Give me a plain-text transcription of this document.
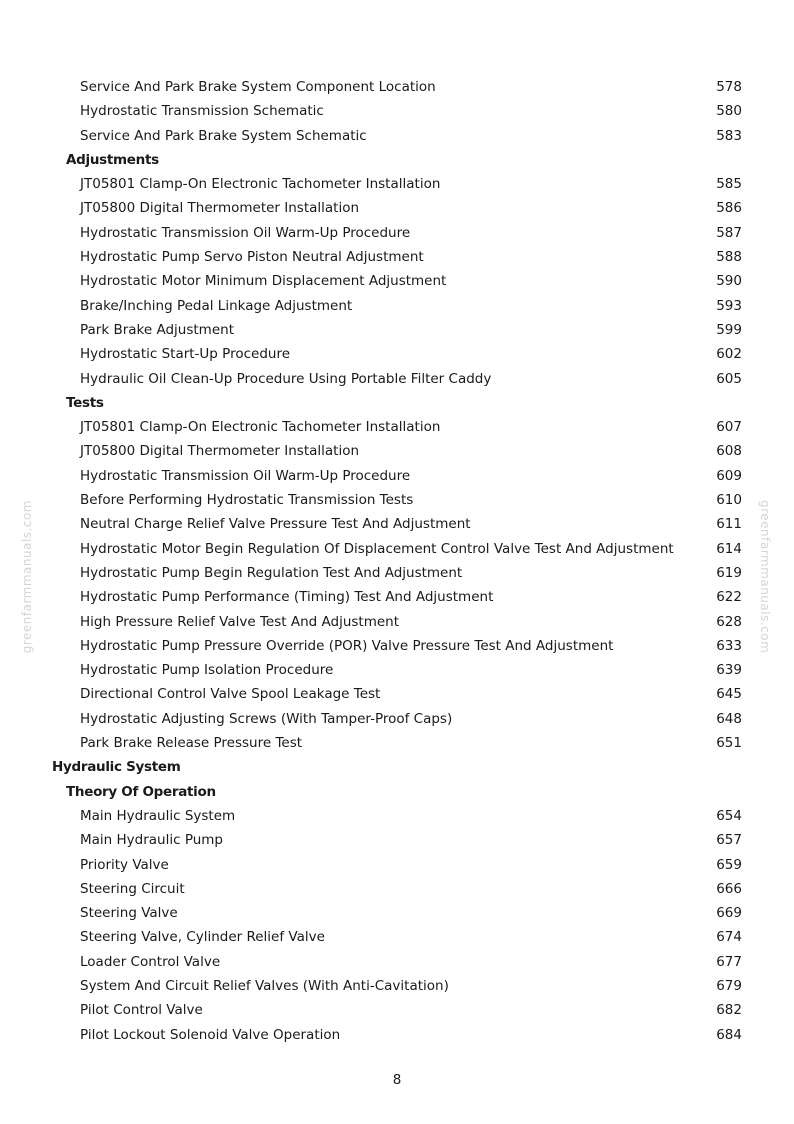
greenfarmmanuals.com	greenfarmmanuals.com
Service And Park Brake System Component Location	578
Hydrostatic Transmission Schematic	580
Service And Park Brake System Schematic	583
Adjustments
JT05801 Clamp-On Electronic Tachometer Installation	585
JT05800 Digital Thermometer Installation	586
Hydrostatic Transmission Oil Warm-Up Procedure	587
Hydrostatic Pump Servo Piston Neutral Adjustment	588
Hydrostatic Motor Minimum Displacement Adjustment	590
Brake/Inching Pedal Linkage Adjustment	593
Park Brake Adjustment	599
Hydrostatic Start-Up Procedure	602
Hydraulic Oil Clean-Up Procedure Using Portable Filter Caddy	605
Tests
JT05801 Clamp-On Electronic Tachometer Installation	607
JT05800 Digital Thermometer Installation	608
Hydrostatic Transmission Oil Warm-Up Procedure	609
Before Performing Hydrostatic Transmission Tests	610
Neutral Charge Relief Valve Pressure Test And Adjustment	611
Hydrostatic Motor Begin Regulation Of Displacement Control Valve Test And Adjustment	614
Hydrostatic Pump Begin Regulation Test And Adjustment	619
Hydrostatic Pump Performance (Timing) Test And Adjustment	622
High Pressure Relief Valve Test And Adjustment	628
Hydrostatic Pump Pressure Override (POR) Valve Pressure Test And Adjustment	633
Hydrostatic Pump Isolation Procedure	639
Directional Control Valve Spool Leakage Test	645
Hydrostatic Adjusting Screws (With Tamper-Proof Caps)	648
Park Brake Release Pressure Test	651
Hydraulic System
Theory Of Operation
Main Hydraulic System	654
Main Hydraulic Pump	657
Priority Valve	659
Steering Circuit	666
Steering Valve	669
Steering Valve, Cylinder Relief Valve	674
Loader Control Valve	677
System And Circuit Relief Valves (With Anti-Cavitation)	679
Pilot Control Valve	682
Pilot Lockout Solenoid Valve Operation	684
8
